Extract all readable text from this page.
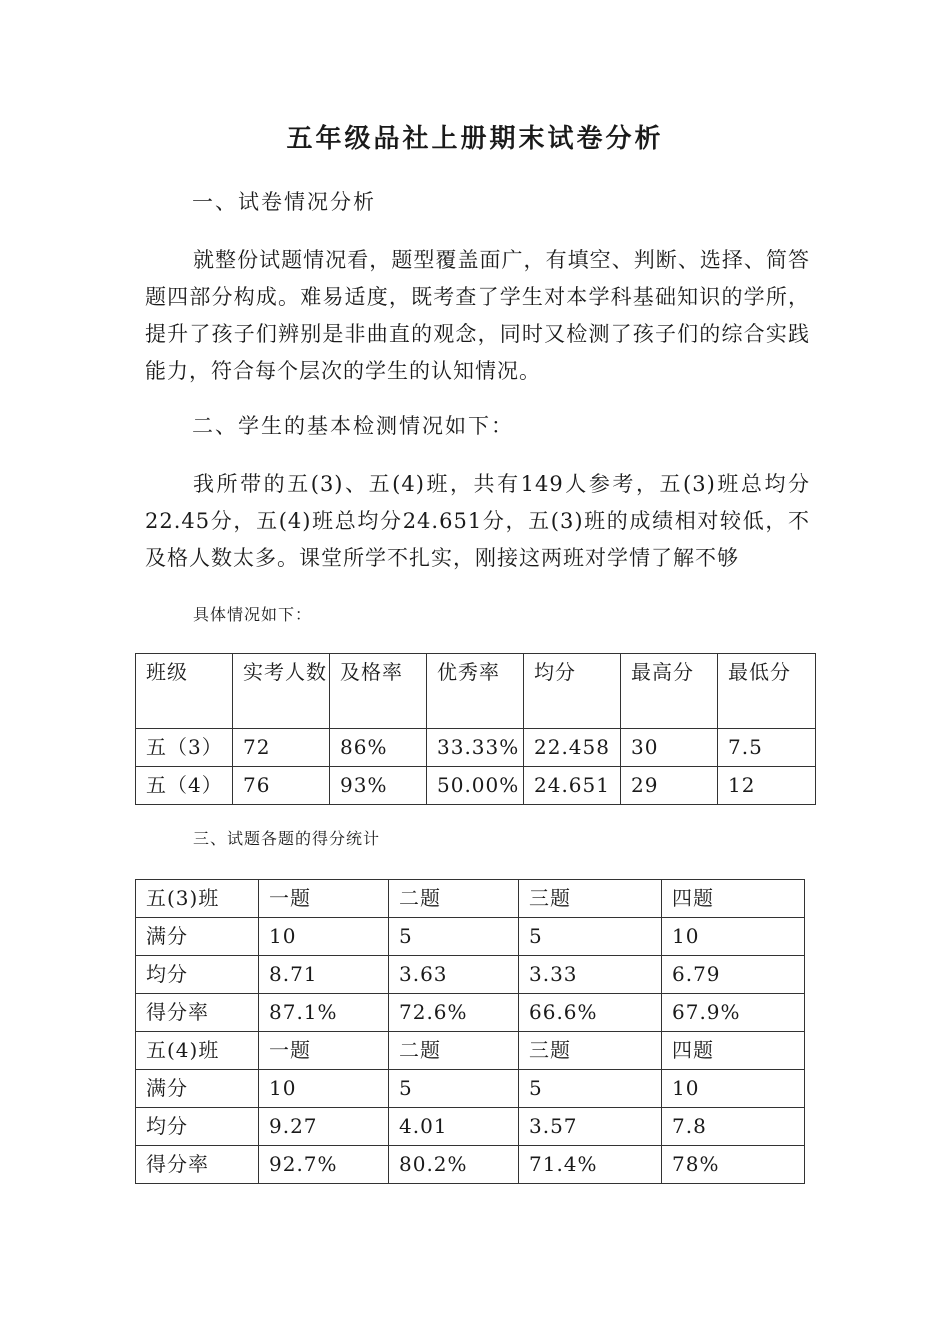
五年级品社上册期末试卷分析
一、试卷情况分析
就整份试题情况看，题型覆盖面广，有填空、判断、选择、简答题四部分构成。难易适度，既考查了学生对本学科基础知识的学所，提升了孩子们辨别是非曲直的观念，同时又检测了孩子们的综合实践能力，符合每个层次的学生的认知情况。
二、学生的基本检测情况如下：
我所带的五(3)、五(4)班，共有149人参考，五(3)班总均分22.45分，五(4)班总均分24.651分，五(3)班的成绩相对较低，不及格人数太多。课堂所学不扎实，刚接这两班对学情了解不够
具体情况如下：
班级	实考人数	及格率	优秀率	均分	最高分	最低分
五（3）	72	86%	33.33%	22.458	30	7.5
五（4）	76	93%	50.00%	24.651	29	12
三、试题各题的得分统计
五(3)班	一题	二题	三题	四题
满分	10	5	5	10
均分	8.71	3.63	3.33	6.79
得分率	87.1%	72.6%	66.6%	67.9%
五(4)班	一题	二题	三题	四题
满分	10	5	5	10
均分	9.27	4.01	3.57	7.8
得分率	92.7%	80.2%	71.4%	78%
